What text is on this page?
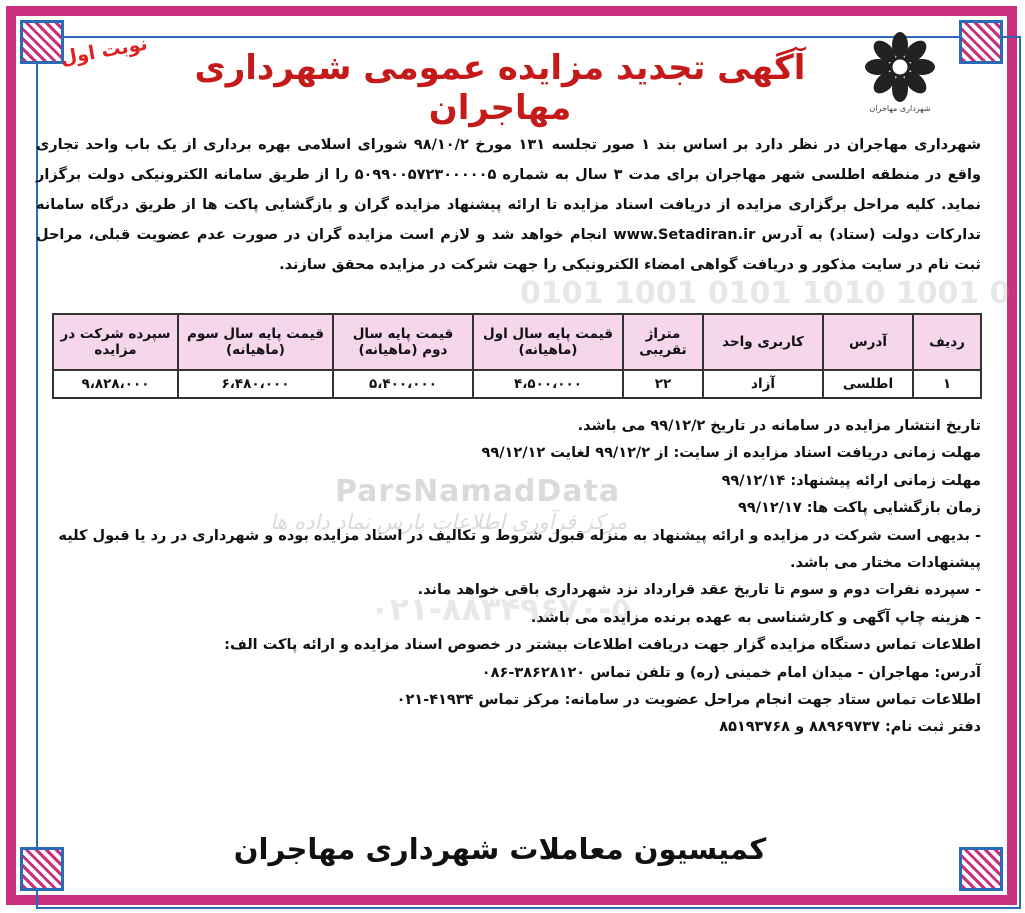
0101 1001 0101 1010 1001 0
شهرداری مهاجران
آگهی تجدید مزایده عمومی شهرداری مهاجران
نوبت اول
شهرداری مهاجران در نظر دارد بر اساس بند ۱ صور تجلسه ۱۳۱ مورخ ۹۸/۱۰/۲ شورای اسلامی بهره برداری از یک باب واحد تجاری واقع در منطقه اطلسی شهر مهاجران برای مدت ۳ سال به شماره ۵۰۹۹۰۰۵۷۲۳۰۰۰۰۰۵ را از طریق سامانه الکترونیکی دولت برگزار نماید. کلیه مراحل برگزاری مزایده از دریافت اسناد مزایده تا ارائه پیشنهاد مزایده گران و بازگشایی پاکت ها از طریق درگاه سامانه تدارکات دولت (ستاد) به آدرس www.Setadiran.ir انجام خواهد شد و لازم است مزایده گران در صورت عدم عضویت قبلی، مراحل ثبت نام در سایت مذکور و دریافت گواهی امضاء الکترونیکی را جهت شرکت در مزایده محقق سازند.
ردیف	آدرس	کاربری واحد	متراژ تقریبی	قیمت پایه سال اول (ماهیانه)	قیمت پایه سال دوم (ماهیانه)	قیمت پایه سال سوم (ماهیانه)	سپرده شرکت در مزایده
۱	اطلسی	آزاد	۲۲	۴،۵۰۰،۰۰۰	۵،۴۰۰،۰۰۰	۶،۴۸۰،۰۰۰	۹،۸۲۸،۰۰۰
ParsNamadData
مرکز فرآوری اطلاعات پارس نماد داده ها
۰۲۱-۸۸۳۴۹۶۷۰-۵

تاریخ انتشار مزایده در سامانه در تاریخ ۹۹/۱۲/۲ می باشد.

مهلت زمانی دریافت اسناد مزایده از سایت: از ۹۹/۱۲/۲ لغایت ۹۹/۱۲/۱۲

مهلت زمانی ارائه پیشنهاد: ۹۹/۱۲/۱۴

زمان بازگشایی پاکت ها: ۹۹/۱۲/۱۷

- بدیهی است شرکت در مزایده و ارائه پیشنهاد به منزله قبول شروط و تکالیف در اسناد مزایده بوده و شهرداری در رد یا قبول کلیه پیشنهادات مختار می باشد.

- سپرده نفرات دوم و سوم تا تاریخ عقد قرارداد نزد شهرداری باقی خواهد ماند.

- هزینه چاپ آگهی و کارشناسی به عهده برنده مزایده می باشد.

اطلاعات تماس دستگاه مزایده گزار جهت دریافت اطلاعات بیشتر در خصوص اسناد مزایده و ارائه پاکت الف:

آدرس: مهاجران - میدان امام خمینی (ره) و تلفن تماس ۳۸۶۲۸۱۲۰-۰۸۶

اطلاعات تماس ستاد جهت انجام مراحل عضویت در سامانه: مرکز تماس ۴۱۹۳۴-۰۲۱

دفتر ثبت نام: ۸۸۹۶۹۷۳۷ و ۸۵۱۹۳۷۶۸

کمیسیون معاملات شهرداری مهاجران
